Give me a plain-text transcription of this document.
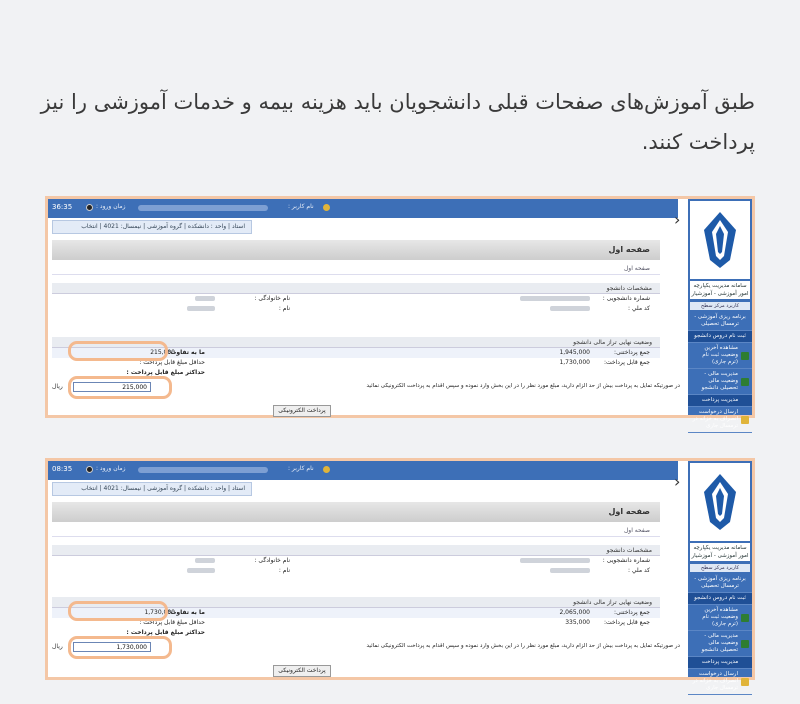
طبق آموزش‌های صفحات قبلی دانشجویان باید هزینه بیمه و خدمات آموزشی را نیز پرداخت کنند.
36:35	زمان ورود :	نام کاربر :
استاد | واحد : دانشکده | گروه آموزشی | نیمسال: 4021 | انتخاب	›
صفحه اول
صفحه اول
مشخصات دانشجو
شماره دانشجویی :
نام خانوادگی :
کد ملي :
نام :
وضعیت نهایی تراز مالی دانشجو
جمع پرداختنی:
1,945,000
ما به تفاوت:
215,000
جمع قابل پرداخت:
1,730,000
حداقل مبلغ قابل پرداخت :
حداکثر مبلغ قابل پرداخت :
در صورتیکه تمایل به پرداخت بیش از حد الزام دارید، مبلغ مورد نظر را در این بخش وارد نموده و سپس اقدام به پرداخت الکترونیکی نمائید
ریال	215,000
پرداخت الکترونیکی
سامانه مدیریت یکپارچه امور آموزشی - آموزشیار
کاربرد مرکز سطح
برنامه ریزی آموزشی - ترمسال تحصیلی
ثبت نام دروس دانشجو
مشاهده آخرین وضعیت ثبت نام (ترم جاری)
مدیریت مالی - وضعیت مالی تحصیلی دانشجو
مدیریت پرداخت
ارسال درخواست انصراف به خزانه در ترمسال جاری
08:35	زمان ورود :	نام کاربر :
استاد | واحد : دانشکده | گروه آموزشی | نیمسال: 4021 | انتخاب	›
صفحه اول
صفحه اول
مشخصات دانشجو
شماره دانشجویی :
نام خانوادگی :
کد ملي :
نام :
وضعیت نهایی تراز مالی دانشجو
جمع پرداختنی:
2,065,000
ما به تفاوت:
1,730,000
جمع قابل پرداخت:
335,000
حداقل مبلغ قابل پرداخت :
حداکثر مبلغ قابل پرداخت :
در صورتیکه تمایل به پرداخت بیش از حد الزام دارید، مبلغ مورد نظر را در این بخش وارد نموده و سپس اقدام به پرداخت الکترونیکی نمائید
ریال	1,730,000
پرداخت الکترونیکی
سامانه مدیریت یکپارچه امور آموزشی - آموزشیار
کاربرد مرکز سطح
برنامه ریزی آموزشی - ترمسال تحصیلی
ثبت نام دروس دانشجو
مشاهده آخرین وضعیت ثبت نام (ترم جاری)
مدیریت مالی - وضعیت مالی تحصیلی دانشجو
مدیریت پرداخت
ارسال درخواست انصراف به خزانه در ترمسال جاری
